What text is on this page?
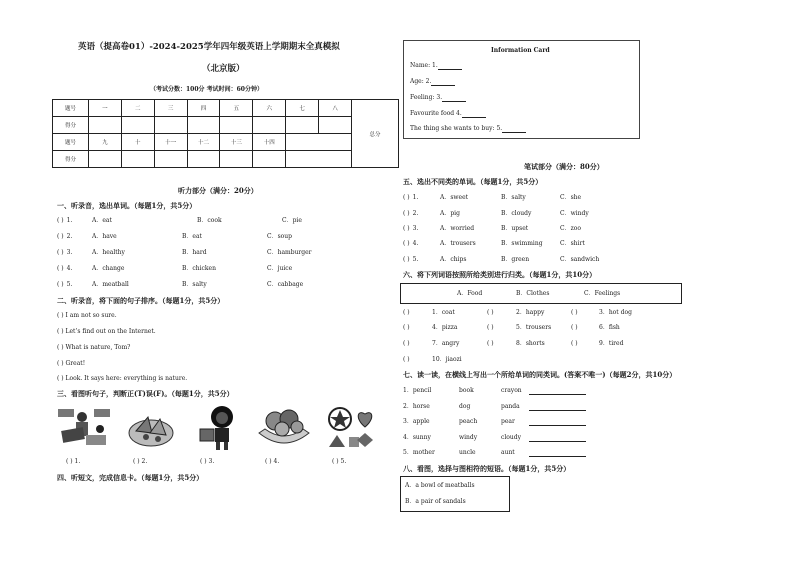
英语（提高卷01）-2024-2025学年四年级英语上学期期末全真模拟
（北京版）
（考试分数：100分 考试时间：60分钟）
题号	一	二	三	四	五	六	七	八	总分
得分									
题号	九	十	十一	十二	十三	十四			
得分									
听力部分（满分：20分）
一、听录音，选出单词。（每题1分，共5分）
( ) 1.	A．eat	B．cook	C．pie
( ) 2.	A．have	B．eat	C．soup
( ) 3.	A．healthy	B．hard	C．hamburger
( ) 4.	A．change	B．chicken	C．juice
( ) 5.	A．meatball	B．salty	C．cabbage
二、听录音，将下面的句子排序。（每题1分，共5分）
( ) I am not so sure.
( ) Let’s find out on the Internet.
( ) What is nature, Tom?
( ) Great!
( ) Look. It says here: everything is nature.
三、看图听句子，判断正(T)误(F)。（每题1分，共5分）
( ) 1.	( ) 2.	( ) 3.	( ) 4.	( ) 5.
四、听短文，完成信息卡。（每题1分，共5分）
Information Card
Name: 1.
Age: 2.
Feeling: 3.
Favourite food 4.
The thing she wants to buy: 5.
笔试部分（满分：80分）
五、选出不同类的单词。（每题1分，共5分）
( ) 1.	A．sweet	B．salty	C．she
( ) 2.	A．pig	B．cloudy	C．windy
( ) 3.	A．worried	B．upset	C．zoo
( ) 4.	A．trousers	B．swimming	C．shirt
( ) 5.	A．chips	B．green	C．sandwich
六、将下列词语按照所给类别进行归类。（每题1分，共10分）
A．Food	B．Clothes	C．Feelings
( )	1．coat	( )	2．happy	( )	3．hot dog
( )	4．pizza	( )	5．trousers	( )	6．fish
( )	7．angry	( )	8．shorts	( )	9．tired
( )	10．jiaozi
七、读一读，在横线上写出一个所给单词的同类词。(答案不唯一)（每题2分，共10分）
1．pencil	book	crayon
2．horse	dog	panda
3．apple	peach	pear
4．sunny	windy	cloudy
5．mother	uncle	aunt
八、看图，选择与图相符的短语。（每题1分，共5分）
A．a bowl of meatballs
B．a pair of sandals
